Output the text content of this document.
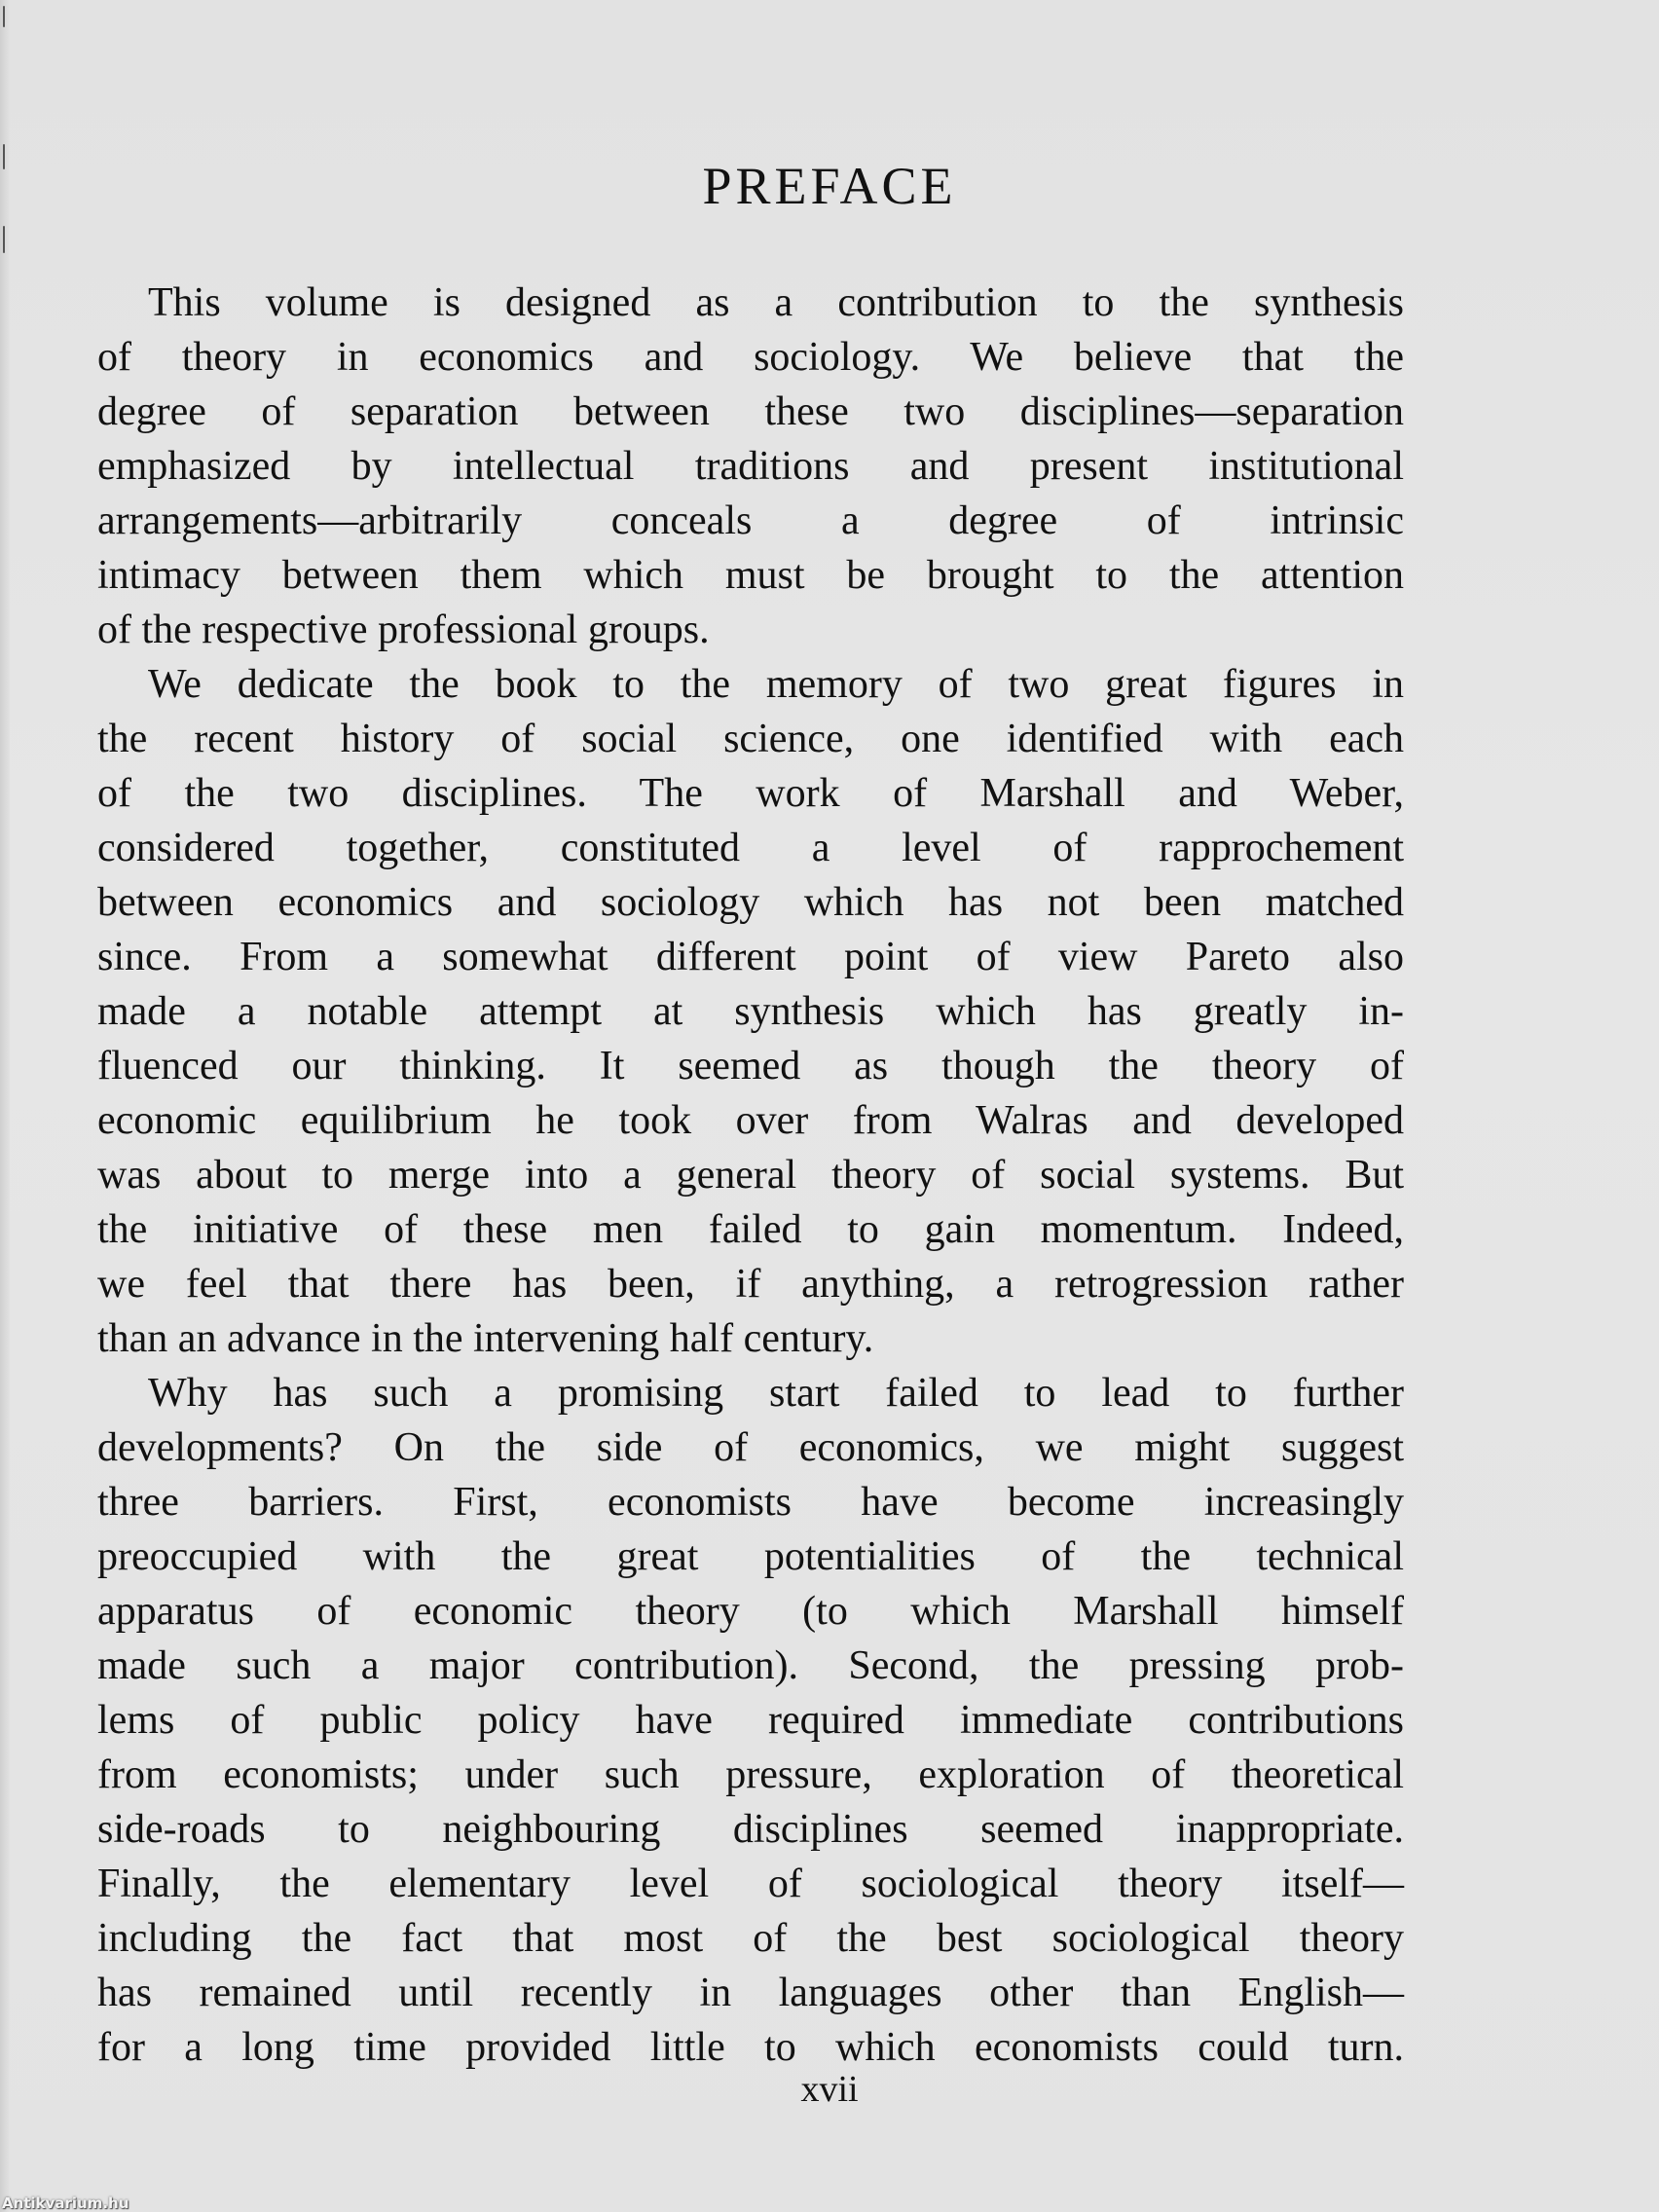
PREFACE
This volume is designed as a contribution to the synthesis
of theory in economics and sociology. We believe that the
degree of separation between these two disciplines—separation
emphasized by intellectual traditions and present institutional
arrangements—arbitrarily conceals a degree of intrinsic
intimacy between them which must be brought to the attention
of the respective professional groups.
We dedicate the book to the memory of two great figures in
the recent history of social science, one identified with each
of the two disciplines. The work of Marshall and Weber,
considered together, constituted a level of rapprochement
between economics and sociology which has not been matched
since. From a somewhat different point of view Pareto also
made a notable attempt at synthesis which has greatly in-
fluenced our thinking. It seemed as though the theory of
economic equilibrium he took over from Walras and developed
was about to merge into a general theory of social systems. But
the initiative of these men failed to gain momentum. Indeed,
we feel that there has been, if anything, a retrogression rather
than an advance in the intervening half century.
Why has such a promising start failed to lead to further
developments? On the side of economics, we might suggest
three barriers. First, economists have become increasingly
preoccupied with the great potentialities of the technical
apparatus of economic theory (to which Marshall himself
made such a major contribution). Second, the pressing prob-
lems of public policy have required immediate contributions
from economists; under such pressure, exploration of theoretical
side-roads to neighbouring disciplines seemed inappropriate.
Finally, the elementary level of sociological theory itself—
including the fact that most of the best sociological theory
has remained until recently in languages other than English—
for a long time provided little to which economists could turn.
xvii
Antikvarium.hu
